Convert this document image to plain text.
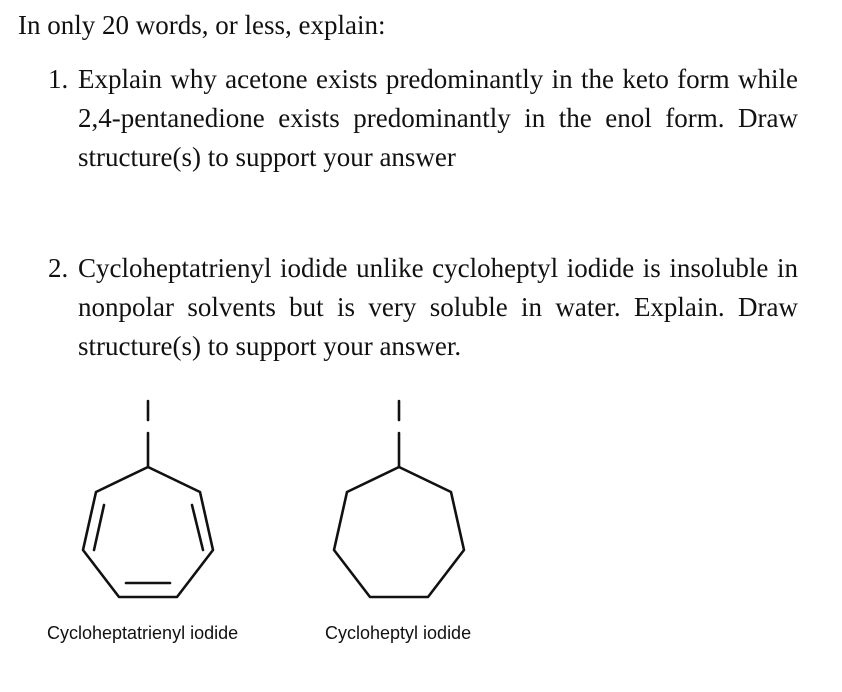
In only 20 words, or less, explain:
1. Explain why acetone exists predominantly in the keto form while 2,4-pentanedione exists predominantly in the enol form. Draw structure(s) to support your answer
2. Cycloheptatrienyl iodide unlike cycloheptyl iodide is insoluble in nonpolar solvents but is very soluble in water. Explain. Draw structure(s) to support your answer.
Cycloheptatrienyl iodide	Cycloheptyl iodide
